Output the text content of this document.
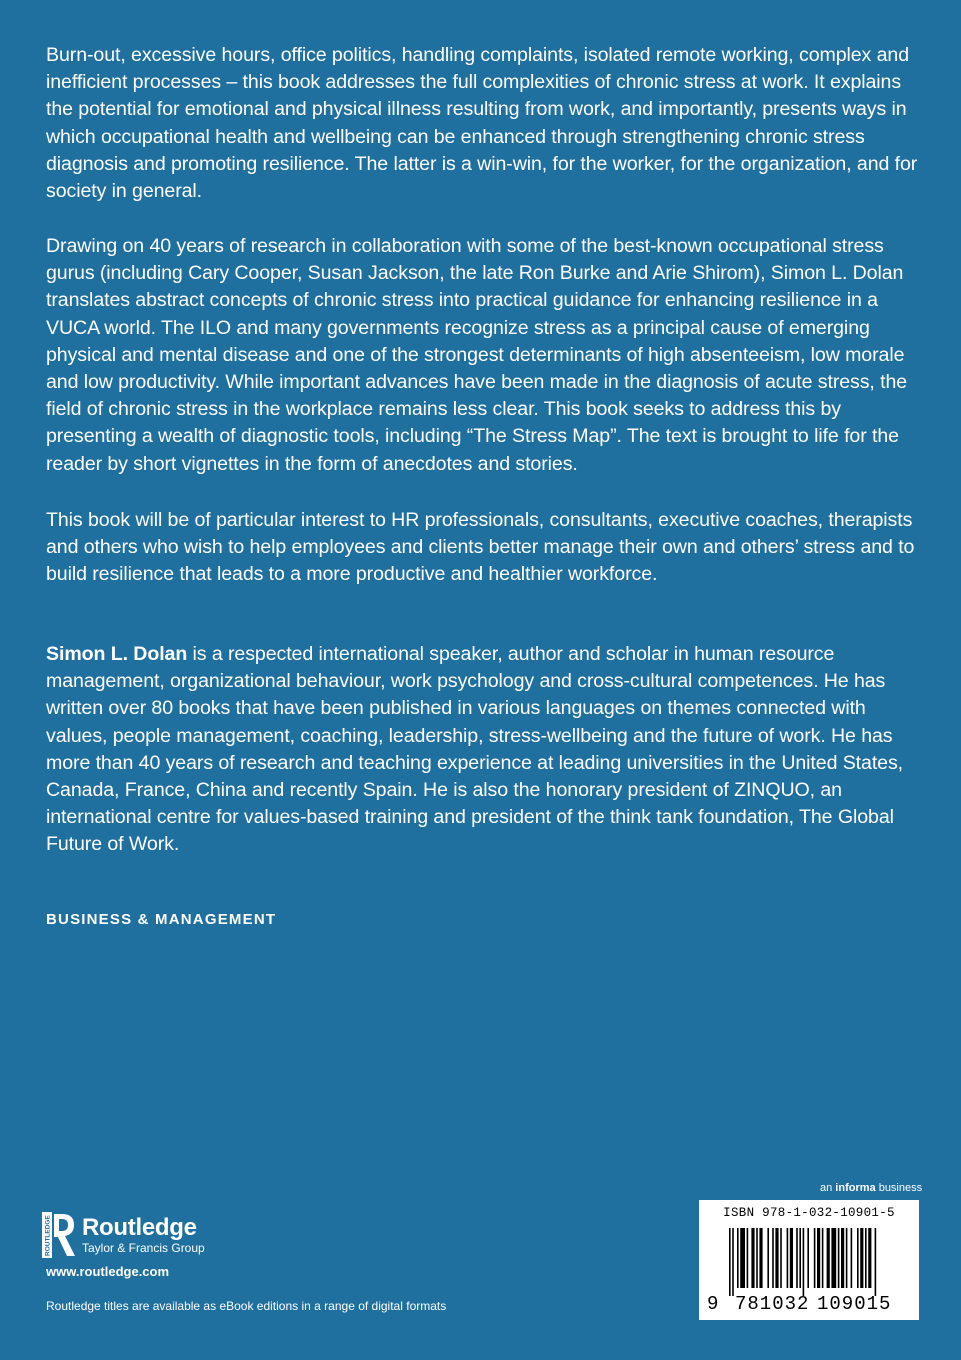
Burn-out, excessive hours, office politics, handling complaints, isolated remote working, complex and inefficient processes – this book addresses the full complexities of chronic stress at work. It explains the potential for emotional and physical illness resulting from work, and importantly, presents ways in which occupational health and wellbeing can be enhanced through strengthening chronic stress diagnosis and promoting resilience. The latter is a win-win, for the worker, for the organization, and for society in general.

Drawing on 40 years of research in collaboration with some of the best-known occupational stress gurus (including Cary Cooper, Susan Jackson, the late Ron Burke and Arie Shirom), Simon L. Dolan translates abstract concepts of chronic stress into practical guidance for enhancing resilience in a VUCA world. The ILO and many governments recognize stress as a principal cause of emerging physical and mental disease and one of the strongest determinants of high absenteeism, low morale and low productivity. While important advances have been made in the diagnosis of acute stress, the field of chronic stress in the workplace remains less clear. This book seeks to address this by presenting a wealth of diagnostic tools, including “The Stress Map”. The text is brought to life for the reader by short vignettes in the form of anecdotes and stories.

This book will be of particular interest to HR professionals, consultants, executive coaches, therapists and others who wish to help employees and clients better manage their own and others’ stress and to build resilience that leads to a more productive and healthier workforce.

Simon L. Dolan is a respected international speaker, author and scholar in human resource management, organizational behaviour, work psychology and cross-cultural competences. He has written over 80 books that have been published in various languages on themes connected with values, people management, coaching, leadership, stress-wellbeing and the future of work. He has more than 40 years of research and teaching experience at leading universities in the United States, Canada, France, China and recently Spain. He is also the honorary president of ZINQUO, an international centre for values-based training and president of the think tank foundation, The Global Future of Work.

BUSINESS & MANAGEMENT
ROUTLEDGE Routledge
Taylor & Francis Group
www.routledge.com
Routledge titles are available as eBook editions in a range of digital formats
an informa business
ISBN 978-1-032-10901-5
9 781032 109015
